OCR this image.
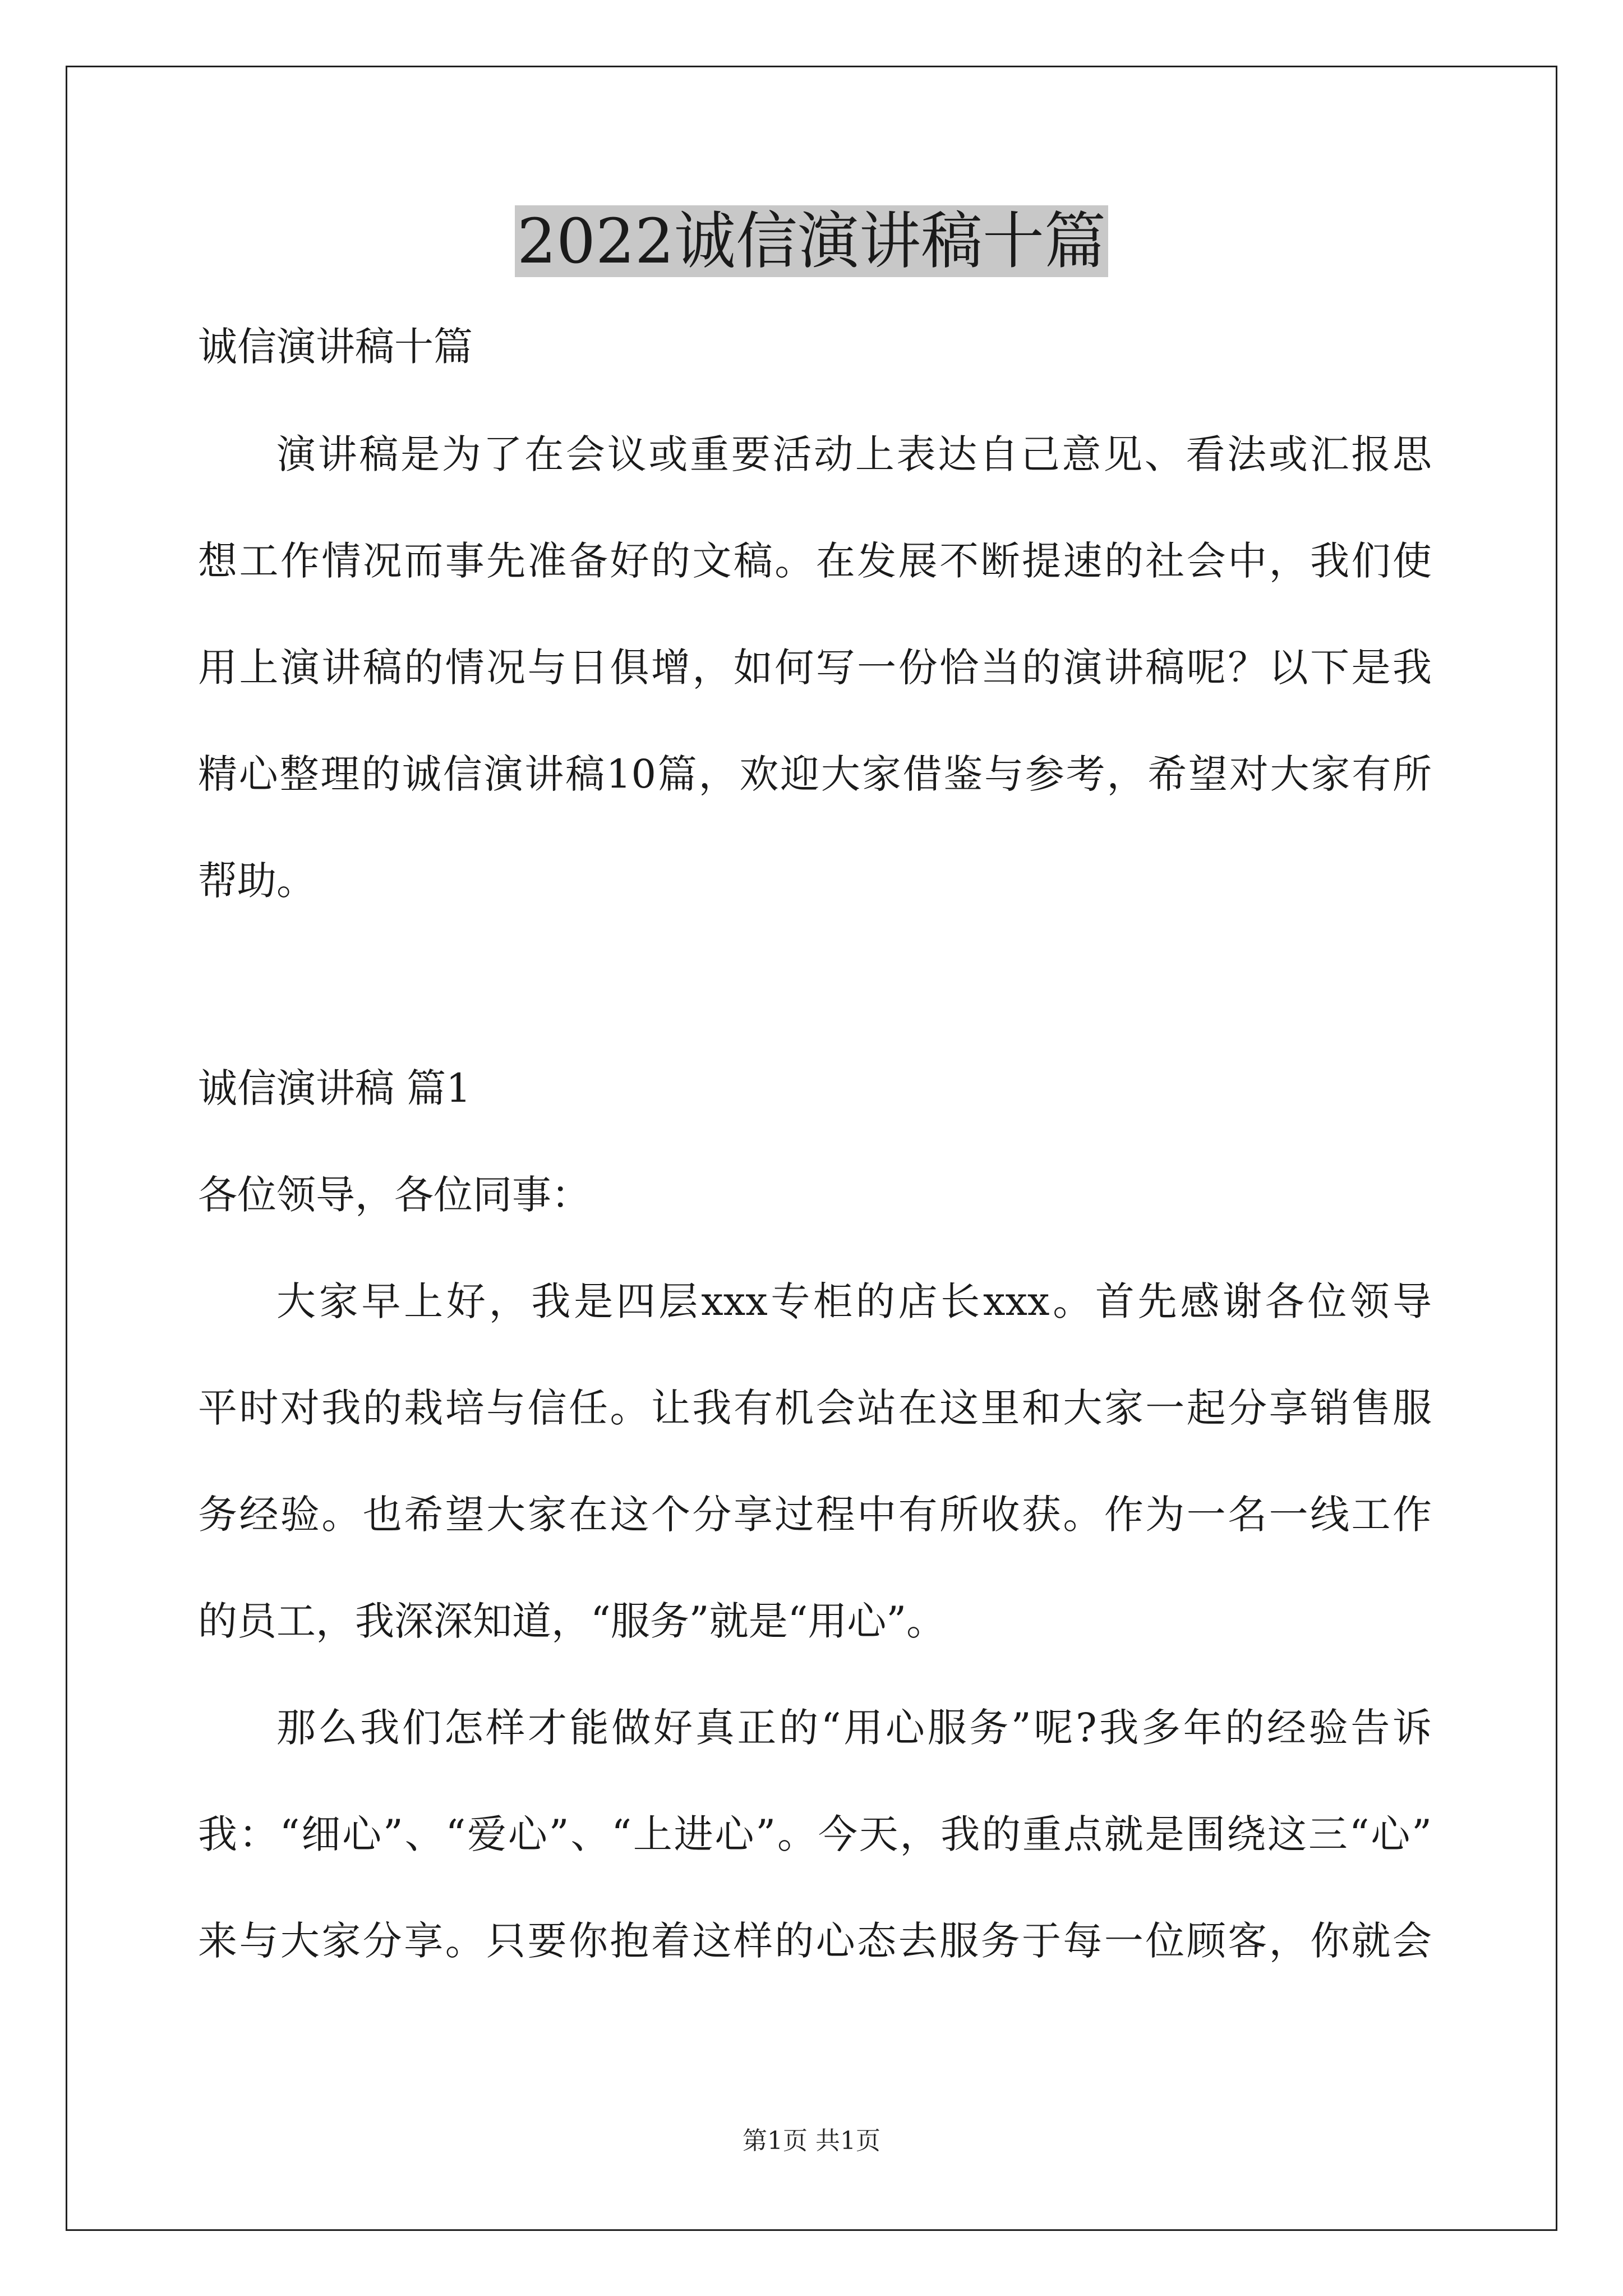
2022诚信演讲稿十篇
诚信演讲稿十篇
演讲稿是为了在会议或重要活动上表达自己意见、看法或汇报思
想工作情况而事先准备好的文稿。在发展不断提速的社会中，我们使
用上演讲稿的情况与日俱增，如何写一份恰当的演讲稿呢？以下是我
精心整理的诚信演讲稿10篇，欢迎大家借鉴与参考，希望对大家有所
帮助。
诚信演讲稿 篇1
各位领导，各位同事：
大家早上好，我是四层xxx专柜的店长xxx。首先感谢各位领导
平时对我的栽培与信任。让我有机会站在这里和大家一起分享销售服
务经验。也希望大家在这个分享过程中有所收获。作为一名一线工作
的员工，我深深知道，“服务”就是“用心”。
那么我们怎样才能做好真正的“用心服务”呢?我多年的经验告诉
我：“细心”、“爱心”、“上进心”。今天，我的重点就是围绕这三“心”
来与大家分享。只要你抱着这样的心态去服务于每一位顾客，你就会
第1页 共1页
